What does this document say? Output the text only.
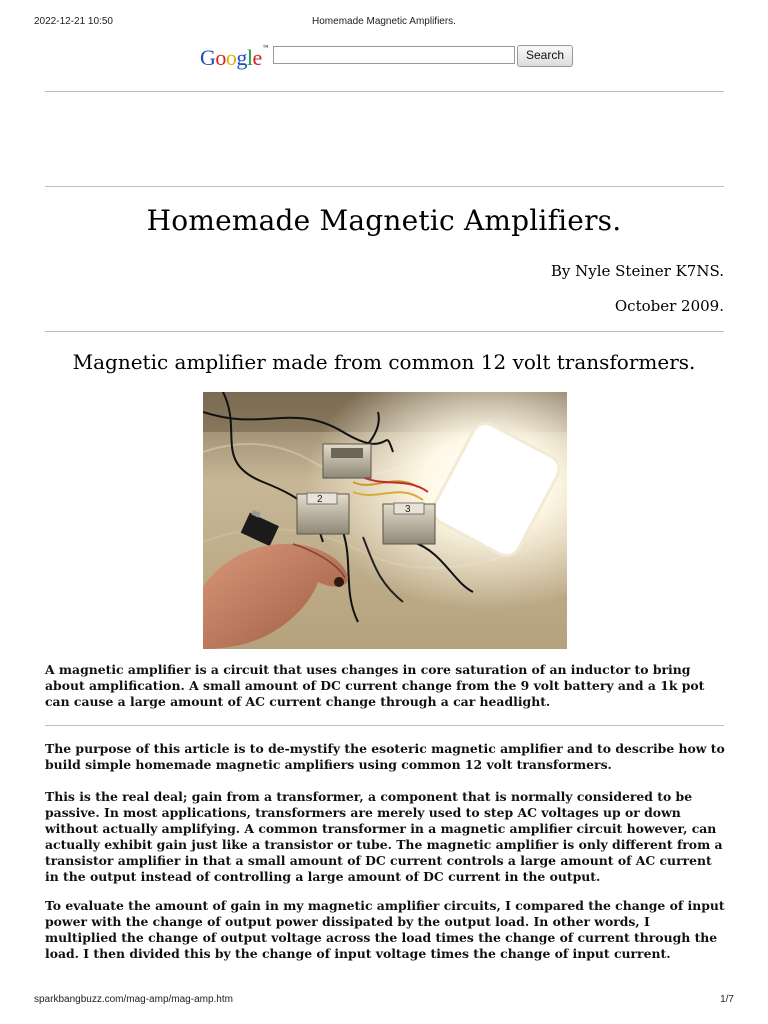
2022-12-21 10:50	Homemade Magnetic Amplifiers.
Google™	Search
Homemade Magnetic Amplifiers.
By Nyle Steiner K7NS.
October 2009.
Magnetic amplifier made from common 12 volt transformers.
2
3

A magnetic amplifier is a circuit that uses changes in core saturation of an inductor to bring about amplification. A small amount of DC current change from the 9 volt battery and a 1k pot can cause a large amount of AC current change through a car headlight.

The purpose of this article is to de-mystify the esoteric magnetic amplifier and to describe how to build simple homemade magnetic amplifiers using common 12 volt transformers.

This is the real deal; gain from a transformer, a component that is normally considered to be passive. In most applications, transformers are merely used to step AC voltages up or down without actually amplifying. A common transformer in a magnetic amplifier circuit however, can actually exhibit gain just like a transistor or tube. The magnetic amplifier is only different from a transistor amplifier in that a small amount of DC current controls a large amount of AC current in the output instead of controlling a large amount of DC current in the output.

To evaluate the amount of gain in my magnetic amplifier circuits, I compared the change of input power with the change of output power dissipated by the output load. In other words, I multiplied the change of output voltage across the load times the change of current through the load. I then divided this by the change of input voltage times the change of input current.

sparkbangbuzz.com/mag-amp/mag-amp.htm	1/7
